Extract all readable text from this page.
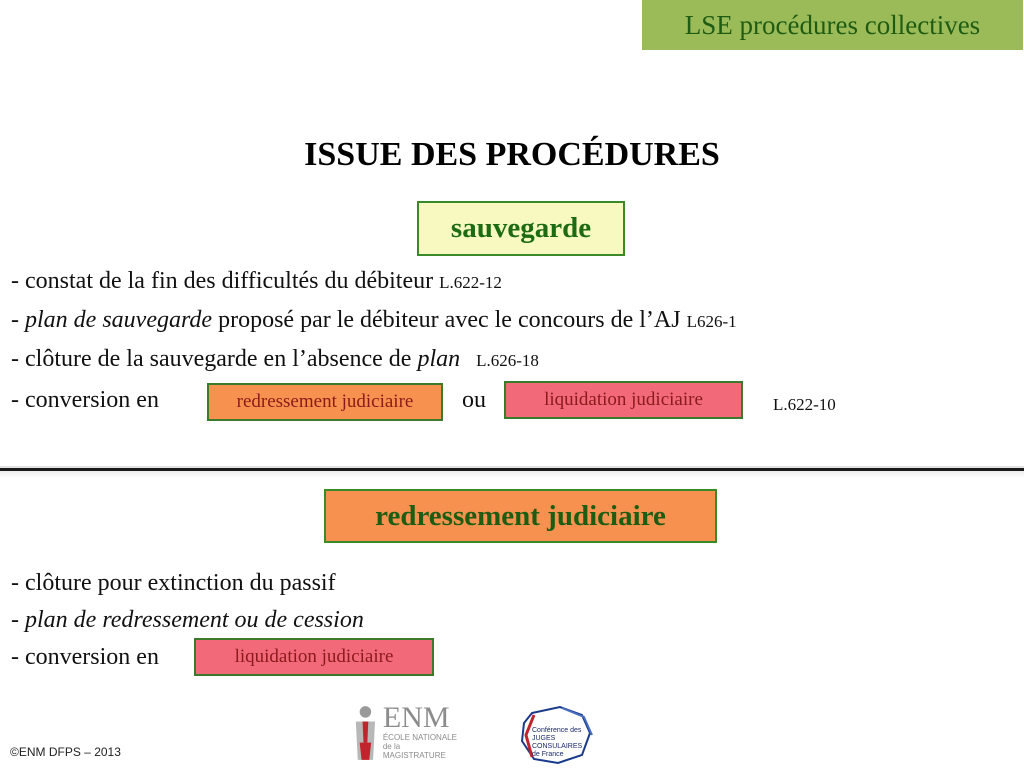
LSE procédures collectives
ISSUE DES PROCÉDURES
sauvegarde
- constat de la fin des difficultés du débiteur L.622-12
- plan de sauvegarde proposé par le débiteur avec le concours de l’AJ L626-1
- clôture de la sauvegarde en l’absence de plan L.626-18
- conversion en	redressement judiciaire	ou	liquidation judiciaire	L.622-10
redressement judiciaire
- clôture pour extinction du passif
- plan de redressement ou de cession
- conversion en	liquidation judiciaire
©ENM DFPS – 2013
ENM
ÉCOLE NATIONALE
de la MAGISTRATURE
Conférence des
JUGES CONSULAIRES
de France
